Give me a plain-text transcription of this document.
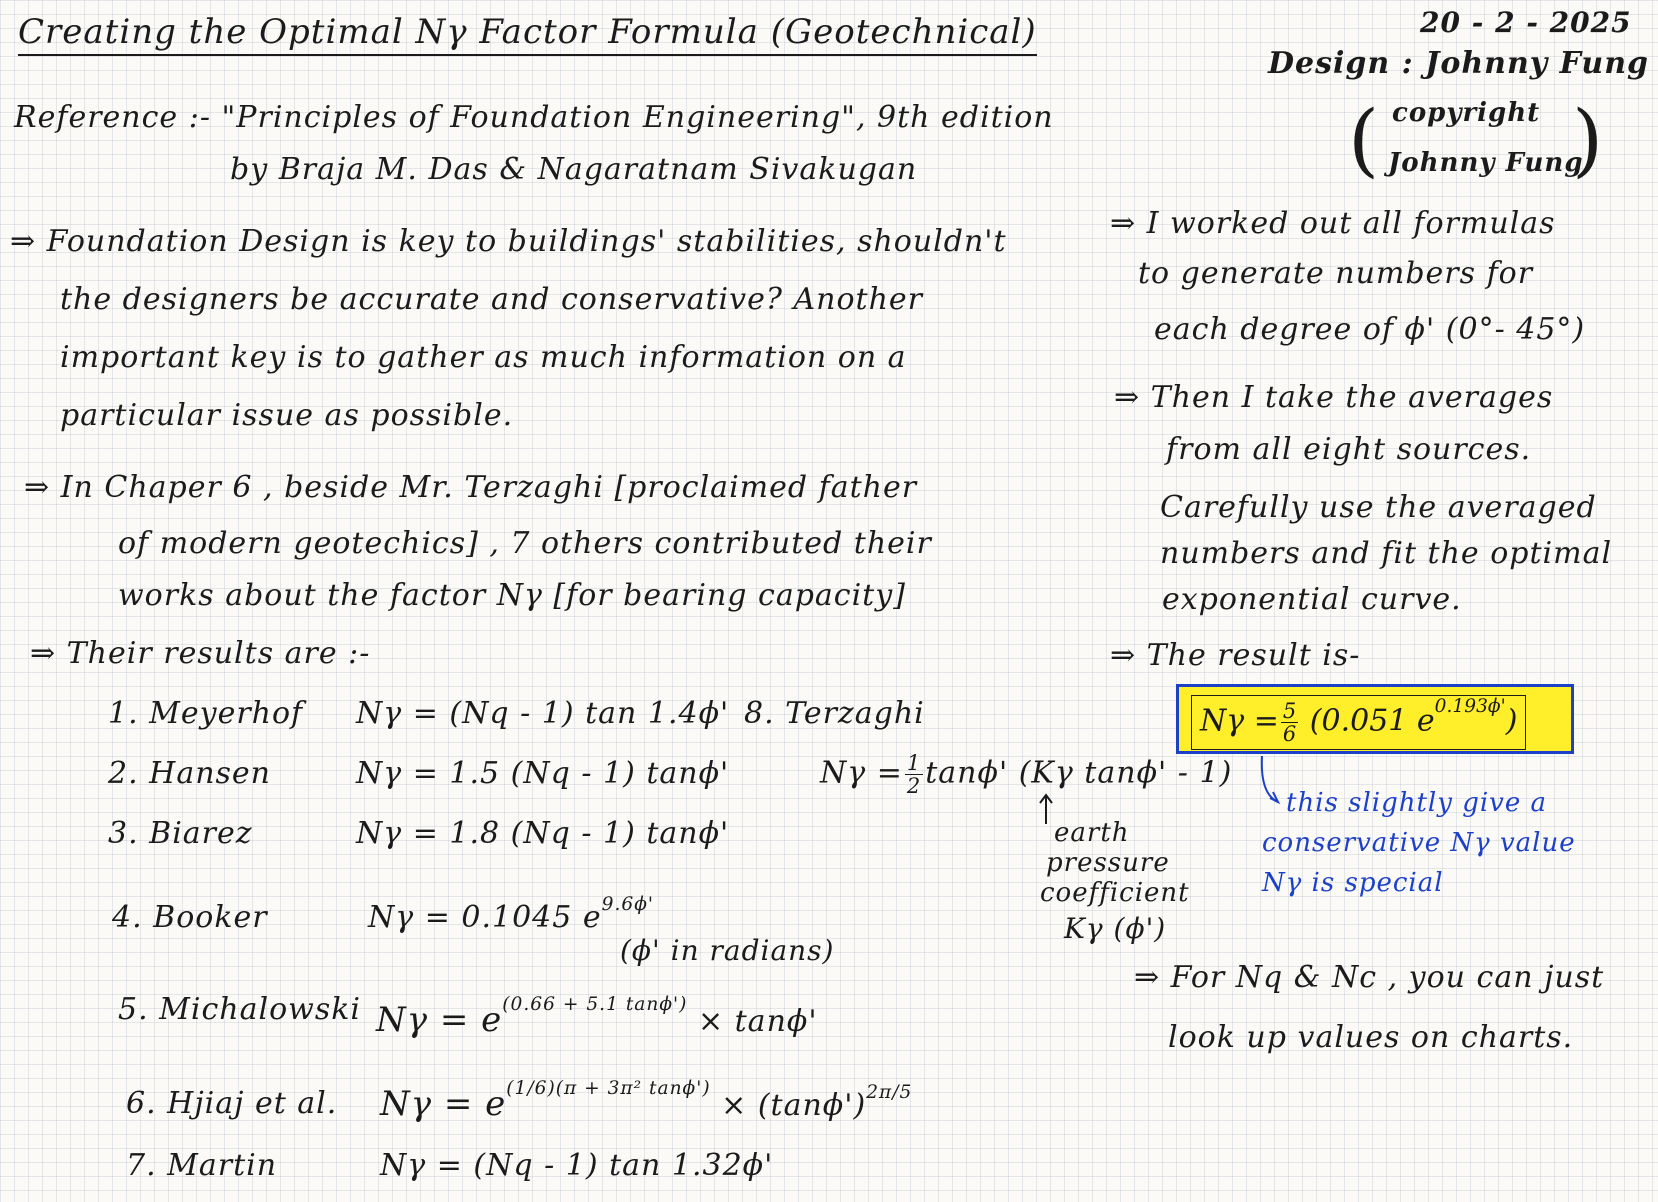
Creating the Optimal Nγ Factor Formula (Geotechnical)	20 - 2 - 2025
Design : Johnny Fung
( copyright
Johnny Fung
)
Reference :- "Principles of Foundation Engineering", 9th edition
by Braja M. Das & Nagaratnam Sivakugan
⇒ Foundation Design is key to buildings' stabilities, shouldn't
the designers be accurate and conservative? Another
important key is to gather as much information on a
particular issue as possible.
⇒ In Chaper 6 , beside Mr. Terzaghi [proclaimed father
of modern geotechics] , 7 others contributed their
works about the factor Nγ [for bearing capacity]
⇒ Their results are :-
1. Meyerhof Nγ = (Nq - 1) tan 1.4ϕ'
2. Hansen	Nγ = 1.5 (Nq - 1) tanϕ'
3. Biarez	Nγ = 1.8 (Nq - 1) tanϕ'
4. Booker	Nγ = 0.1045 $e^{9.6\phi'}$
(ϕ' in radians)
5. Michalowski $N\gamma = e^{(0.66 + 5.1 tan\phi')} \times \tan\phi'$
6. Hjiaj et al. $N\gamma = e^{(1/6)(\pi + 3\pi^2 tan\phi')} \times (\tan\phi')^{2\pi/5}$
7. Martin	Nγ = (Nq - 1) tan 1.32ϕ'
8. Terzaghi
$N\gamma = \frac{1}{2} \tan\phi'$ (Kγ tanϕ' - 1)
earth
pressure
coefficient
Kγ (ϕ')
⇒ I worked out all formulas
to generate numbers for
each degree of ϕ' (0°- 45°)
⇒ Then I take the averages
from all eight sources.
Carefully use the averaged
numbers and fit the optimal
exponential curve.
⇒ The result is-
$N\gamma = \frac{5}{6} (0.051$ $e^{0.193\phi'}$)
this slightly give a
conservative Nγ value
Nγ is special
⇒ For Nq & Nc , you can just
look up values on charts.
